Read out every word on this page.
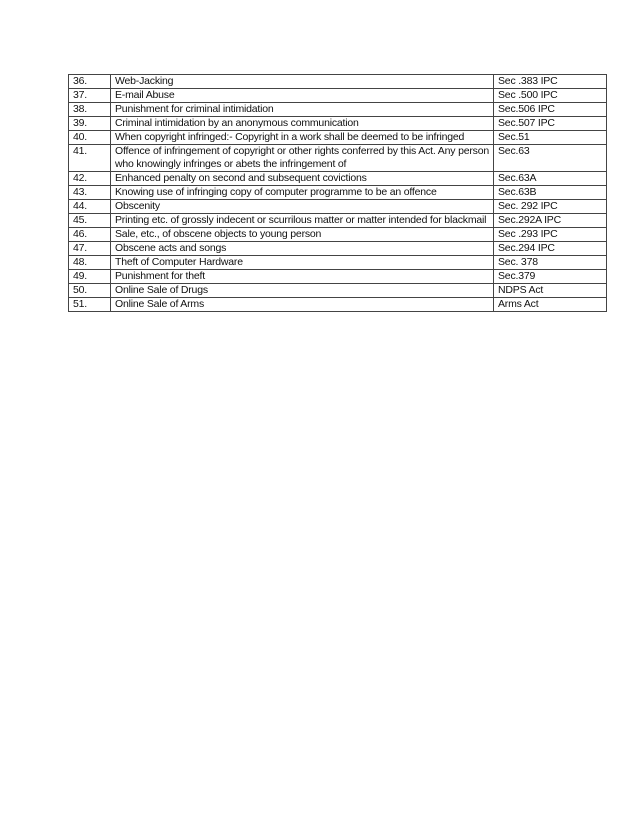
36.	Web-Jacking	Sec .383 IPC
37.	E-mail Abuse	Sec .500 IPC
38.	Punishment for criminal intimidation	Sec.506 IPC
39.	Criminal intimidation by an anonymous communication	Sec.507 IPC
40.	When copyright infringed:- Copyright in a work shall be deemed to be infringed	Sec.51
41.	Offence of infringement of copyright or other rights conferred by this Act. Any person who knowingly infringes or abets the infringement of	Sec.63
42.	Enhanced penalty on second and subsequent covictions	Sec.63A
43.	Knowing use of infringing copy of computer programme to be an offence	Sec.63B
44.	Obscenity	Sec. 292 IPC
45.	Printing etc. of grossly indecent or scurrilous matter or matter intended for blackmail	Sec.292A IPC
46.	Sale, etc., of obscene objects to young person	Sec .293 IPC
47.	Obscene acts and songs	Sec.294 IPC
48.	Theft of Computer Hardware	Sec. 378
49.	Punishment for theft	Sec.379
50.	Online Sale of Drugs	NDPS Act
51.	Online Sale of Arms	Arms Act
